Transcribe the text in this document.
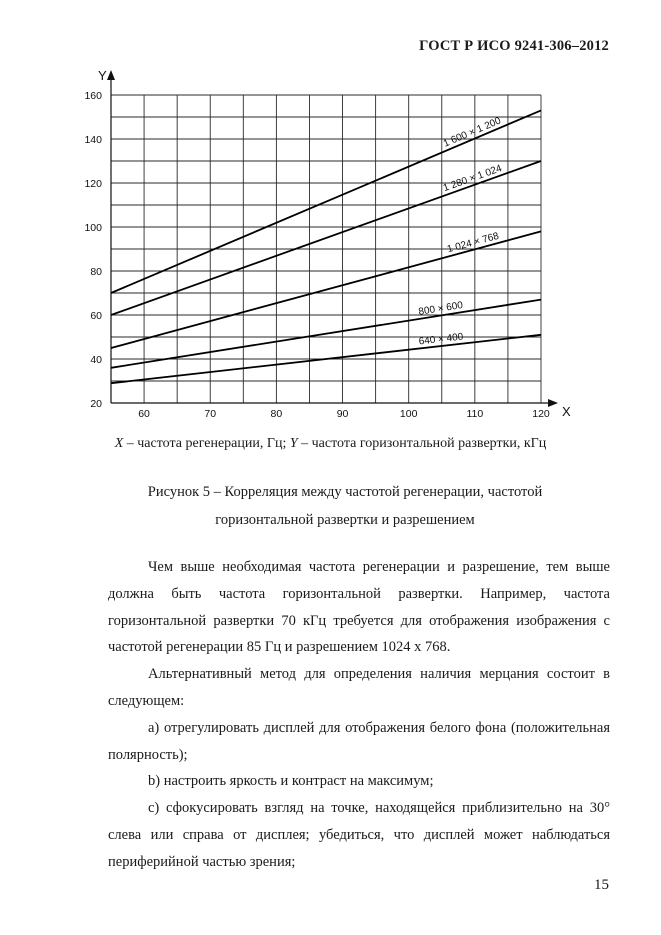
ГОСТ Р ИСО 9241-306–2012
Y
X
20
40
60
80
100
120
140
160
60	70	80	90	100	110	120
1 600 × 1 200
1 280 × 1 024
1 024 × 768
800 × 600
640 × 400
X – частота регенерации, Гц; Y – частота горизонтальной развертки, кГц
Рисунок 5 – Корреляция между частотой регенерации, частотой
горизонтальной развертки и разрешением

Чем выше необходимая частота регенерации и разрешение, тем выше должна быть частота горизонтальной развертки. Например, частота горизонтальной развертки 70 кГц требуется для отображения изображения с частотой регенерации 85 Гц и разрешением 1024 x 768.

Альтернативный метод для определения наличия мерцания состоит в следующем:

a) отрегулировать дисплей для отображения белого фона (положительная полярность);

b) настроить яркость и контраст на максимум;

c) сфокусировать взгляд на точке, находящейся приблизительно на 30° слева или справа от дисплея; убедиться, что дисплей может наблюдаться периферийной частью зрения;

15
